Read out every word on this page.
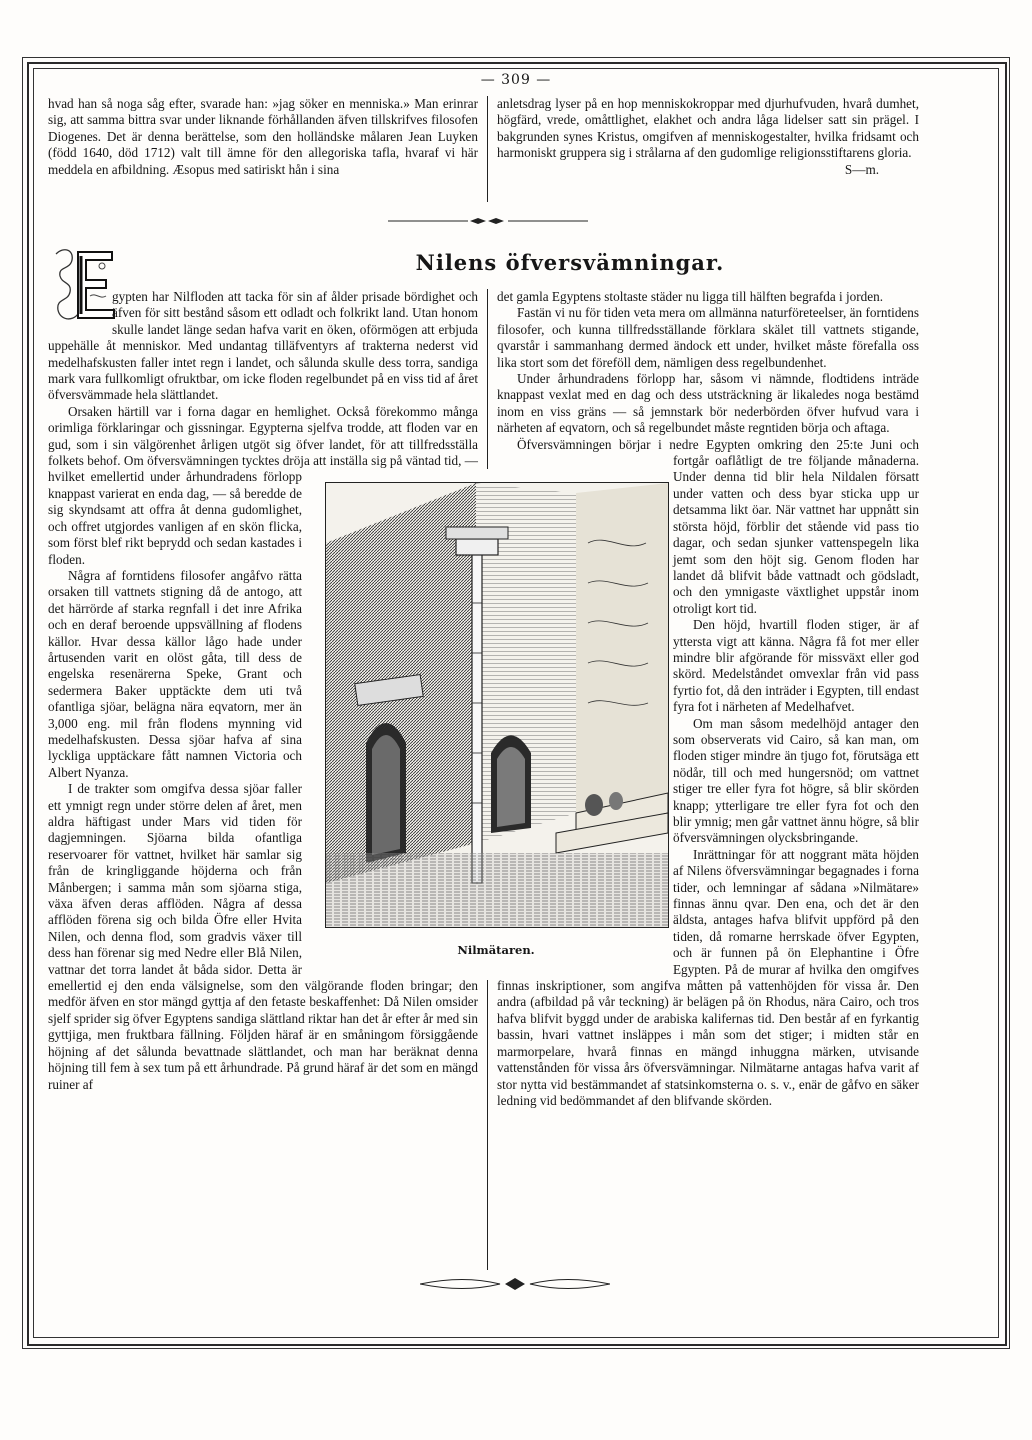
— 309 —

hvad han så noga såg efter, svarade han: »jag söker en menniska.» Man erinrar sig, att samma bittra svar under liknande förhållanden äfven tillskrifves filosofen Diogenes. Det är denna berättelse, som den holländske målaren Jean Luyken (född 1640, död 1712) valt till ämne för den allegoriska tafla, hvaraf vi här meddela en afbildning. Æsopus med satiriskt hån i sina

anletsdrag lyser på en hop menniskokroppar med djurhufvuden, hvarå dumhet, högfärd, vrede, omåttlighet, elakhet och andra låga lidelser satt sin prägel. I bakgrunden synes Kristus, omgifven af menniskogestalter, hvilka fridsamt och harmoniskt gruppera sig i strålarna af den gudomlige religionsstiftarens gloria.

S—m.

Nilens öfversvämningar.

gypten har Nilfloden att tacka för sin af ålder prisade bördighet och äfven för sitt bestånd såsom ett odladt och folkrikt land. Utan honom skulle landet länge sedan hafva varit en öken, oförmögen att erbjuda uppehälle åt menniskor. Med undantag tilläfventyrs af trakterna nederst vid medelhafskusten faller intet regn i landet, och sålunda skulle dess torra, sandiga mark vara fullkomligt ofruktbar, om icke floden regelbundet på en viss tid af året öfversvämmade hela slättlandet.

Orsaken härtill var i forna dagar en hemlighet. Också förekommo många orimliga förklaringar och gissningar. Egypterna sjelfva trodde, att floden var en gud, som i sin välgörenhet årligen utgöt sig öfver landet, för att tillfredsställa folkets behof. Om öfversvämningen tycktes dröja att inställa sig på väntad tid, — hvilket emellertid under århundradens förlopp knappast varierat en enda dag, — så beredde de sig skyndsamt att offra åt denna gudomlighet, och offret utgjordes vanligen af en skön flicka, som först blef rikt beprydd och sedan kastades i floden.

Några af forntidens filosofer angåfvo rätta orsaken till vattnets stigning då de antogo, att det härrörde af starka regnfall i det inre Afrika och en deraf beroende uppsvällning af flodens källor. Hvar dessa källor lågo hade under årtusenden varit en olöst gåta, till dess de engelska resenärerna Speke, Grant och sedermera Baker upptäckte dem uti två ofantliga sjöar, belägna nära eqvatorn, mer än 3,000 eng. mil från flodens mynning vid medelhafskusten. Dessa sjöar hafva af sina lyckliga upptäckare fått namnen Victoria och Albert Nyanza.

I de trakter som omgifva dessa sjöar faller ett ymnigt regn under större delen af året, men aldra häftigast under Mars vid tiden för dagjemningen. Sjöarna bilda ofantliga reservoarer för vattnet, hvilket här samlar sig från de kringliggande höjderna och från Månbergen; i samma mån som sjöarna stiga, växa äfven deras afflöden. Några af dessa afflöden förena sig och bilda Öfre eller Hvita Nilen, och denna flod, som gradvis växer till dess han förenar sig med Nedre eller Blå Nilen, vattnar det torra landet åt båda sidor. Detta är emellertid ej den enda välsignelse, som den välgörande floden bringar; den medför äfven en stor mängd gyttja af den fetaste beskaffenhet: Då Nilen omsider sjelf sprider sig öfver Egyptens sandiga slättland riktar han det år efter år med sin gyttjiga, men fruktbara fällning. Följden häraf är en småningom försiggående höjning af det sålunda bevattnade slättlandet, och man har beräknat denna höjning till fem à sex tum på ett århundrade. På grund häraf är det som en mängd ruiner af

det gamla Egyptens stoltaste städer nu ligga till hälften begrafda i jorden.

Fastän vi nu för tiden veta mera om allmänna naturföreteelser, än forntidens filosofer, och kunna tillfredsställande förklara skälet till vattnets stigande, qvarstår i sammanhang dermed ändock ett under, hvilket måste förefalla oss lika stort som det föreföll dem, nämligen dess regelbundenhet.

Under århundradens förlopp har, såsom vi nämnde, flodtidens inträde knappast vexlat med en dag och dess utsträckning är likaledes noga bestämd inom en viss gräns — så jemnstark bör nederbörden öfver hufvud vara i närheten af eqvatorn, och så regelbundet måste regntiden börja och aftaga.

Öfversvämningen börjar i nedre Egypten omkring den 25:te Juni och fortgår oaflåtligt de tre följande månaderna. Under denna tid blir hela Nildalen försatt under vatten och dess byar sticka upp ur detsamma likt öar. När vattnet har uppnått sin största höjd, förblir det stående vid pass tio dagar, och sedan sjunker vattenspegeln lika jemt som den höjt sig. Genom floden har landet då blifvit både vattnadt och gödsladt, och den ymnigaste växtlighet uppstår inom otroligt kort tid.

Den höjd, hvartill floden stiger, är af yttersta vigt att känna. Några få fot mer eller mindre blir afgörande för missväxt eller god skörd. Medelståndet omvexlar från vid pass fyrtio fot, då den inträder i Egypten, till endast fyra fot i närheten af Medelhafvet.

Om man såsom medelhöjd antager den som observerats vid Cairo, så kan man, om floden stiger mindre än tjugo fot, förutsäga ett nödår, till och med hungersnöd; om vattnet stiger tre eller fyra fot högre, så blir skörden knapp; ytterligare tre eller fyra fot och den blir ymnig; men går vattnet ännu högre, så blir öfversvämningen olycksbringande.

Inrättningar för att noggrant mäta höjden af Nilens öfversvämningar begagnades i forna tider, och lemningar af sådana »Nilmätare» finnas ännu qvar. Den ena, och det är den äldsta, antages hafva blifvit uppförd på den tiden, då romarne herrskade öfver Egypten, och är funnen på ön Elephantine i Öfre Egypten. På de murar af hvilka den omgifves finnas inskriptioner, som angifva måtten på vattenhöjden för vissa år. Den andra (afbildad på vår teckning) är belägen på ön Rhodus, nära Cairo, och tros hafva blifvit byggd under de arabiska kalifernas tid. Den består af en fyrkantig bassin, hvari vattnet insläppes i mån som det stiger; i midten står en marmorpelare, hvarå finnas en mängd inhuggna märken, utvisande vattenstånden för vissa års öfversvämningar. Nilmätarne antagas hafva varit af stor nytta vid bestämmandet af statsinkomsterna o. s. v., enär de gåfvo en säker ledning vid bedömmandet af den blifvande skörden.

Nilmätaren.
